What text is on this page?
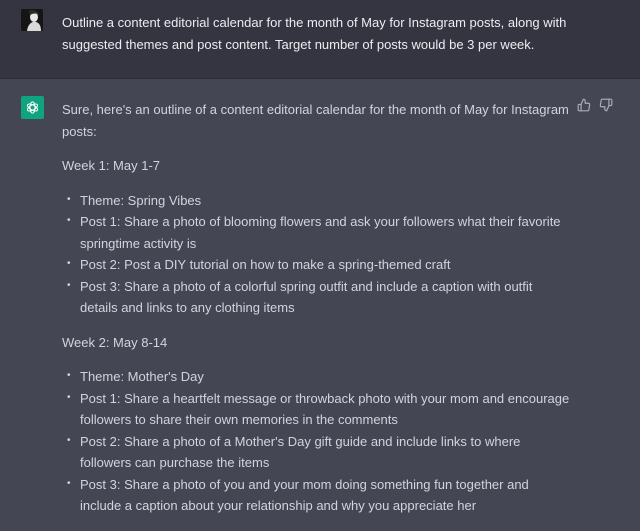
Outline a content editorial calendar for the month of May for Instagram posts, along with suggested themes and post content. Target number of posts would be 3 per week.

Sure, here's an outline of a content editorial calendar for the month of May for Instagram posts:

Week 1: May 1-7

• Theme: Spring Vibes
• Post 1: Share a photo of blooming flowers and ask your followers what their favorite springtime activity is
• Post 2: Post a DIY tutorial on how to make a spring-themed craft
• Post 3: Share a photo of a colorful spring outfit and include a caption with outfit details and links to any clothing items

Week 2: May 8-14

• Theme: Mother's Day
• Post 1: Share a heartfelt message or throwback photo with your mom and encourage followers to share their own memories in the comments
• Post 2: Share a photo of a Mother's Day gift guide and include links to where followers can purchase the items
• Post 3: Share a photo of you and your mom doing something fun together and include a caption about your relationship and why you appreciate her
